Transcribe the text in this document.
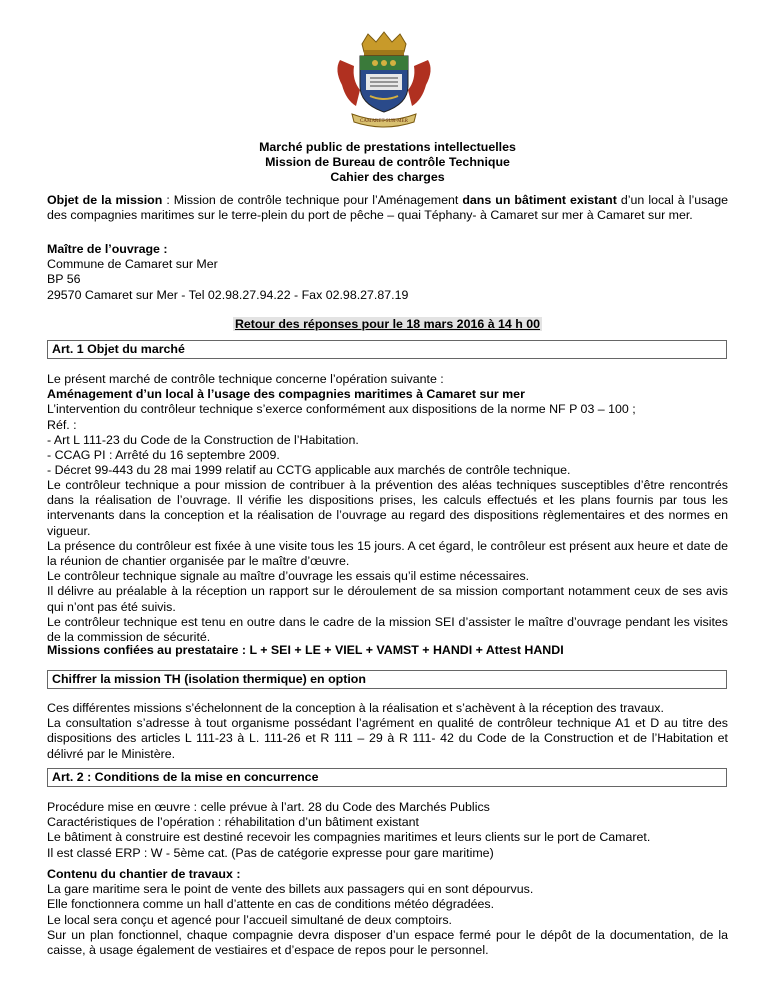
CAMARET-SUR-MER
Marché public de prestations intellectuelles
Mission de Bureau de contrôle Technique
Cahier des charges
Objet de la mission : Mission de contrôle technique pour l’Aménagement dans un bâtiment existant d’un local à l’usage des compagnies maritimes sur le terre-plein du port de pêche – quai Téphany- à Camaret sur mer à Camaret sur mer.
Maître de l’ouvrage :
Commune de Camaret sur Mer
BP 56
29570 Camaret sur Mer - Tel 02.98.27.94.22 - Fax 02.98.27.87.19
Retour des réponses pour le 18 mars 2016 à 14 h 00
Art. 1 Objet du marché
Le présent marché de contrôle technique concerne l’opération suivante :
Aménagement d’un local à l’usage des compagnies maritimes à Camaret sur mer
L’intervention du contrôleur technique s’exerce conformément aux dispositions de la norme NF P 03 – 100 ;
Réf. :
- Art L 111-23 du Code de la Construction de l’Habitation.
- CCAG PI : Arrêté du 16 septembre 2009.
- Décret 99-443 du 28 mai 1999 relatif au CCTG applicable aux marchés de contrôle technique.
Le contrôleur technique a pour mission de contribuer à la prévention des aléas techniques susceptibles d’être rencontrés dans la réalisation de l’ouvrage. Il vérifie les dispositions prises, les calculs effectués et les plans fournis par tous les intervenants dans la conception et la réalisation de l’ouvrage au regard des dispositions règlementaires et des normes en vigueur.
La présence du contrôleur est fixée à une visite tous les 15 jours. A cet égard, le contrôleur est présent aux heure et date de la réunion de chantier organisée par le maître d’œuvre.
Le contrôleur technique signale au maître d’ouvrage les essais qu’il estime nécessaires.
Il délivre au préalable à la réception un rapport sur le déroulement de sa mission comportant notamment ceux de ses avis qui n’ont pas été suivis.
Le contrôleur technique est tenu en outre dans le cadre de la mission SEI d’assister le maître d’ouvrage pendant les visites de la commission de sécurité.
Missions confiées au prestataire : L + SEI + LE + VIEL + VAMST + HANDI + Attest HANDI
Chiffrer la mission TH (isolation thermique) en option
Ces différentes missions s’échelonnent de la conception à la réalisation et s’achèvent à la réception des travaux.
La consultation s’adresse à tout organisme possédant l’agrément en qualité de contrôleur technique A1 et D au titre des dispositions des articles L 111-23 à L. 111-26 et R 111 – 29 à R 111- 42 du Code de la Construction et de l’Habitation et délivré par le Ministère.
Art. 2 : Conditions de la mise en concurrence
Procédure mise en œuvre : celle prévue à l’art. 28 du Code des Marchés Publics
Caractéristiques de l’opération : réhabilitation d’un bâtiment existant
Le bâtiment à construire est destiné recevoir les compagnies maritimes et leurs clients sur le port de Camaret.
Il est classé ERP : W - 5ème cat. (Pas de catégorie expresse pour gare maritime)
Contenu du chantier de travaux :
La gare maritime sera le point de vente des billets aux passagers qui en sont dépourvus.
Elle fonctionnera comme un hall d’attente en cas de conditions météo dégradées.
Le local sera conçu et agencé pour l’accueil simultané de deux comptoirs.
Sur un plan fonctionnel, chaque compagnie devra disposer d’un espace fermé pour le dépôt de la documentation, de la caisse, à usage également de vestiaires et d’espace de repos pour le personnel.
